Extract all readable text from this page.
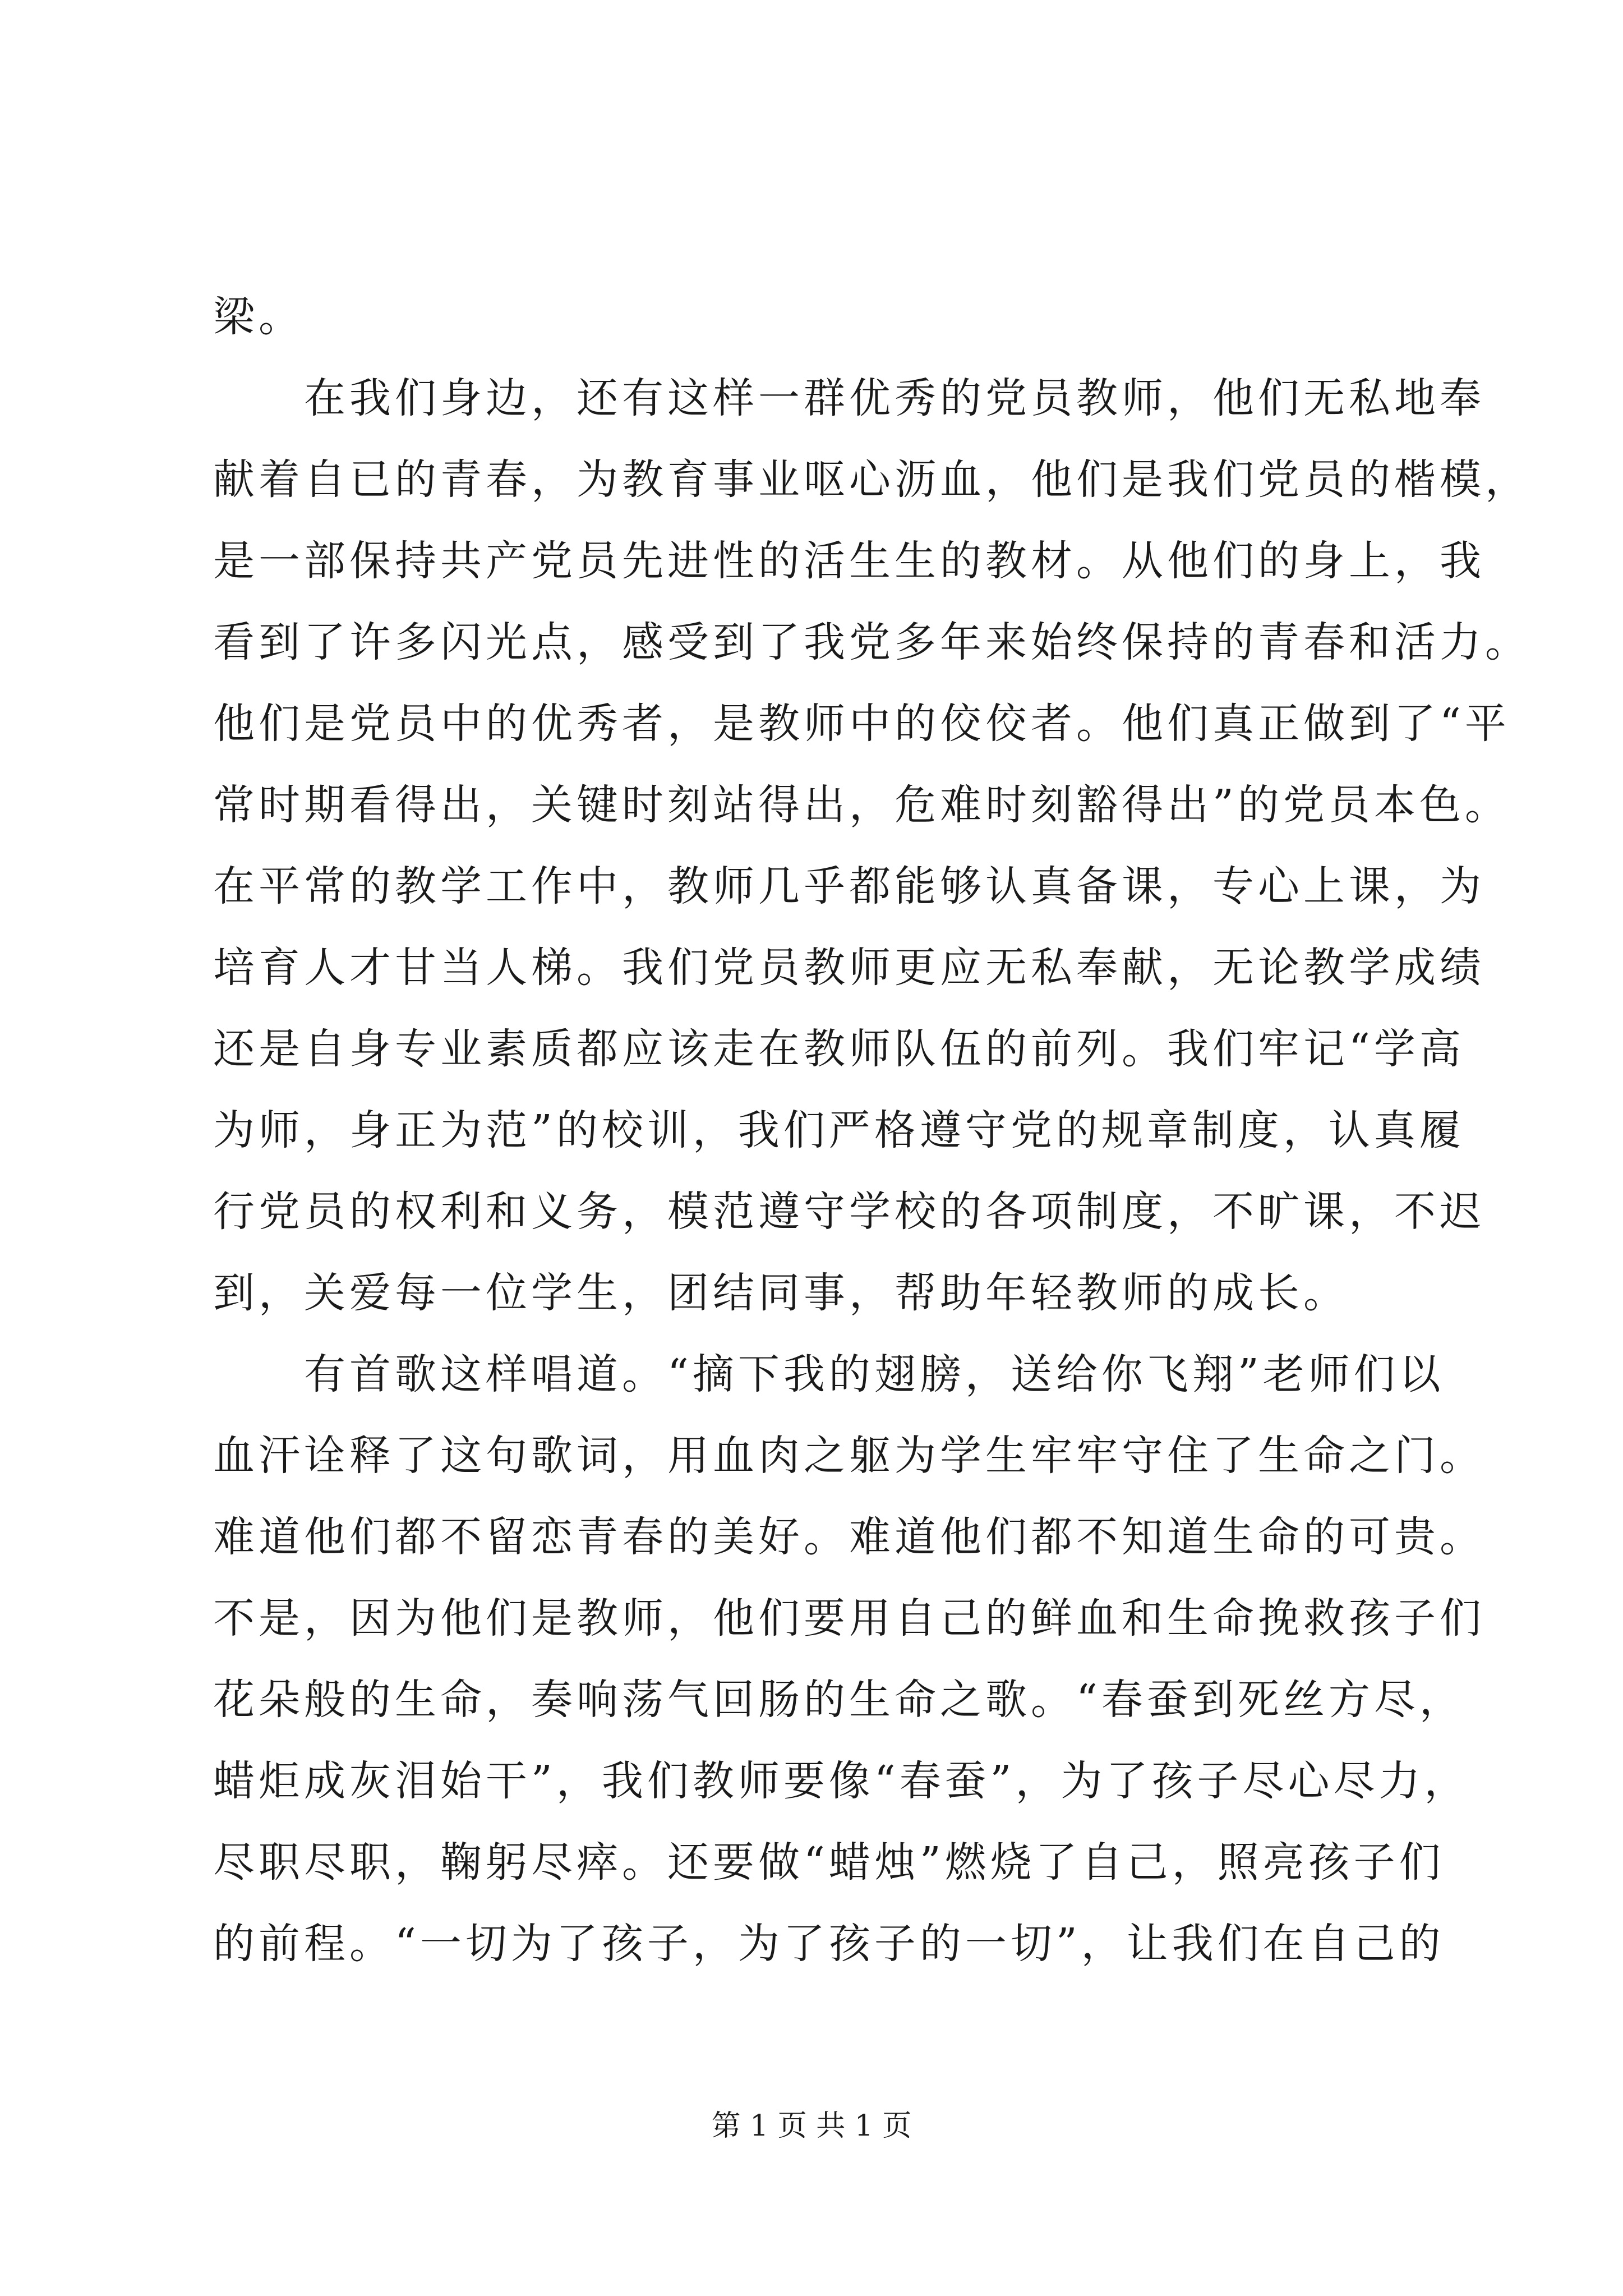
梁。
　　在我们身边，还有这样一群优秀的党员教师，他们无私地奉
献着自已的青春，为教育事业呕心沥血，他们是我们党员的楷模，
是一部保持共产党员先进性的活生生的教材。从他们的身上，我
看到了许多闪光点，感受到了我党多年来始终保持的青春和活力。
他们是党员中的优秀者，是教师中的佼佼者。他们真正做到了“平
常时期看得出，关键时刻站得出，危难时刻豁得出”的党员本色。
在平常的教学工作中，教师几乎都能够认真备课，专心上课，为
培育人才甘当人梯。我们党员教师更应无私奉献，无论教学成绩
还是自身专业素质都应该走在教师队伍的前列。我们牢记“学高
为师，身正为范”的校训，我们严格遵守党的规章制度，认真履
行党员的权利和义务，模范遵守学校的各项制度，不旷课，不迟
到，关爱每一位学生，团结同事，帮助年轻教师的成长。
　　有首歌这样唱道。“摘下我的翅膀，送给你飞翔”老师们以
血汗诠释了这句歌词，用血肉之躯为学生牢牢守住了生命之门。
难道他们都不留恋青春的美好。难道他们都不知道生命的可贵。
不是，因为他们是教师，他们要用自己的鲜血和生命挽救孩子们
花朵般的生命，奏响荡气回肠的生命之歌。“春蚕到死丝方尽，
蜡炬成灰泪始干”，我们教师要像“春蚕”，为了孩子尽心尽力，
尽职尽职，鞠躬尽瘁。还要做“蜡烛”燃烧了自己，照亮孩子们
的前程。“一切为了孩子，为了孩子的一切”，让我们在自己的
第 1 页 共 1 页
